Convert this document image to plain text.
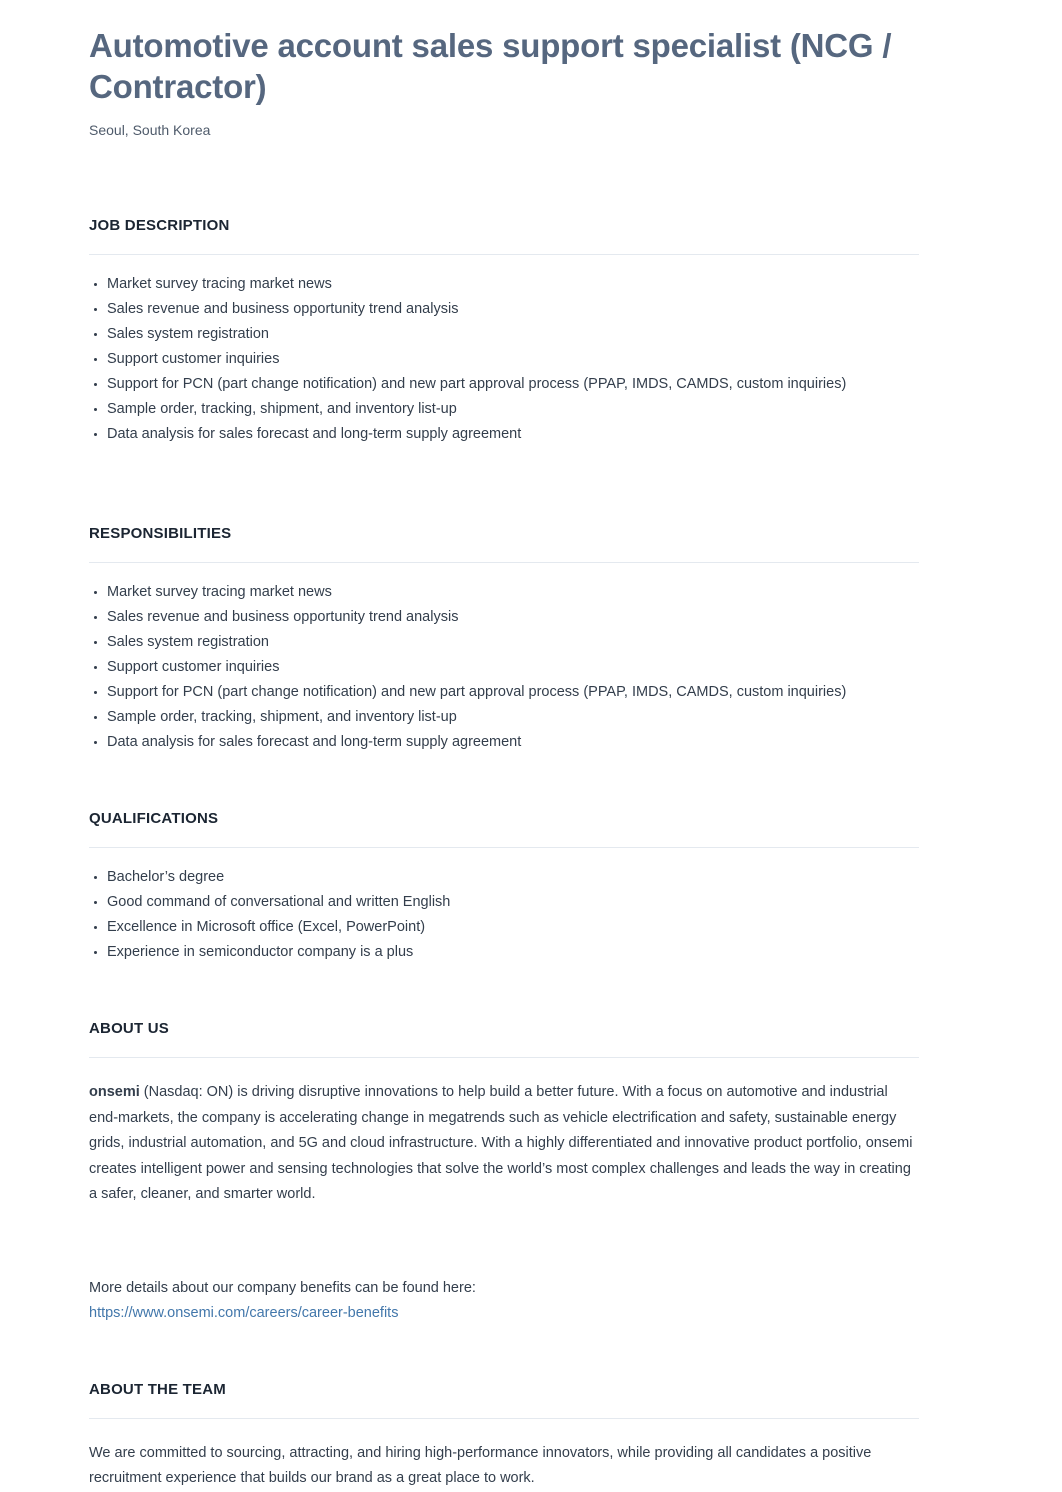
Automotive account sales support specialist (NCG / Contractor)
Seoul, South Korea
JOB DESCRIPTION
• Market survey tracing market news
• Sales revenue and business opportunity trend analysis
• Sales system registration
• Support customer inquiries
• Support for PCN (part change notification) and new part approval process (PPAP, IMDS, CAMDS, custom inquiries)
• Sample order, tracking, shipment, and inventory list-up
• Data analysis for sales forecast and long-term supply agreement
RESPONSIBILITIES
• Market survey tracing market news
• Sales revenue and business opportunity trend analysis
• Sales system registration
• Support customer inquiries
• Support for PCN (part change notification) and new part approval process (PPAP, IMDS, CAMDS, custom inquiries)
• Sample order, tracking, shipment, and inventory list-up
• Data analysis for sales forecast and long-term supply agreement
QUALIFICATIONS
• Bachelor’s degree
• Good command of conversational and written English
• Excellence in Microsoft office (Excel, PowerPoint)
• Experience in semiconductor company is a plus
ABOUT US

onsemi (Nasdaq: ON) is driving disruptive innovations to help build a better future. With a focus on automotive and industrial end-markets, the company is accelerating change in megatrends such as vehicle electrification and safety, sustainable energy grids, industrial automation, and 5G and cloud infrastructure. With a highly differentiated and innovative product portfolio, onsemi creates intelligent power and sensing technologies that solve the world’s most complex challenges and leads the way in creating a safer, cleaner, and smarter world.

More details about our company benefits can be found here:
https://www.onsemi.com/careers/career-benefits
ABOUT THE TEAM

We are committed to sourcing, attracting, and hiring high-performance innovators, while providing all candidates a positive recruitment experience that builds our brand as a great place to work.
